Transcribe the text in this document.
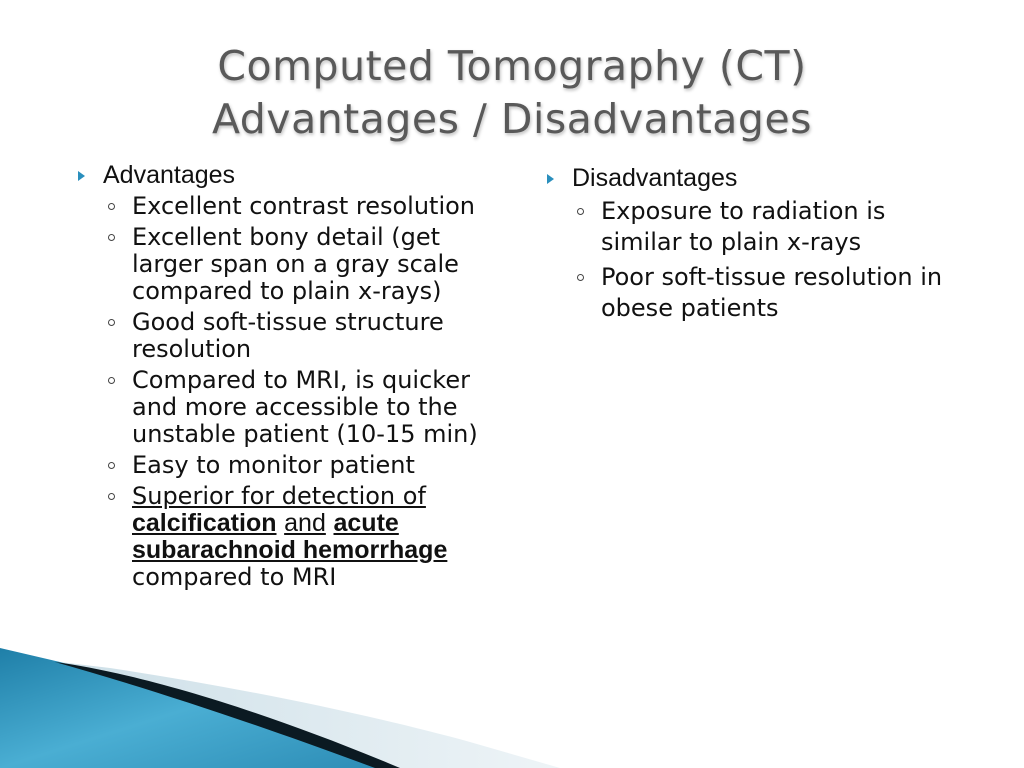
Computed Tomography (CT)
Advantages / Disadvantages
Advantages
Excellent contrast resolution
Excellent bony detail (get larger span on a gray scale compared to plain x-rays)
Good soft-tissue structure resolution
Compared to MRI, is quicker and more accessible to the unstable patient (10-15 min)
Easy to monitor patient
Superior for detection of calcification and acute subarachnoid hemorrhage compared to MRI
Disadvantages
Exposure to radiation is similar to plain x-rays
Poor soft-tissue resolution in obese patients
